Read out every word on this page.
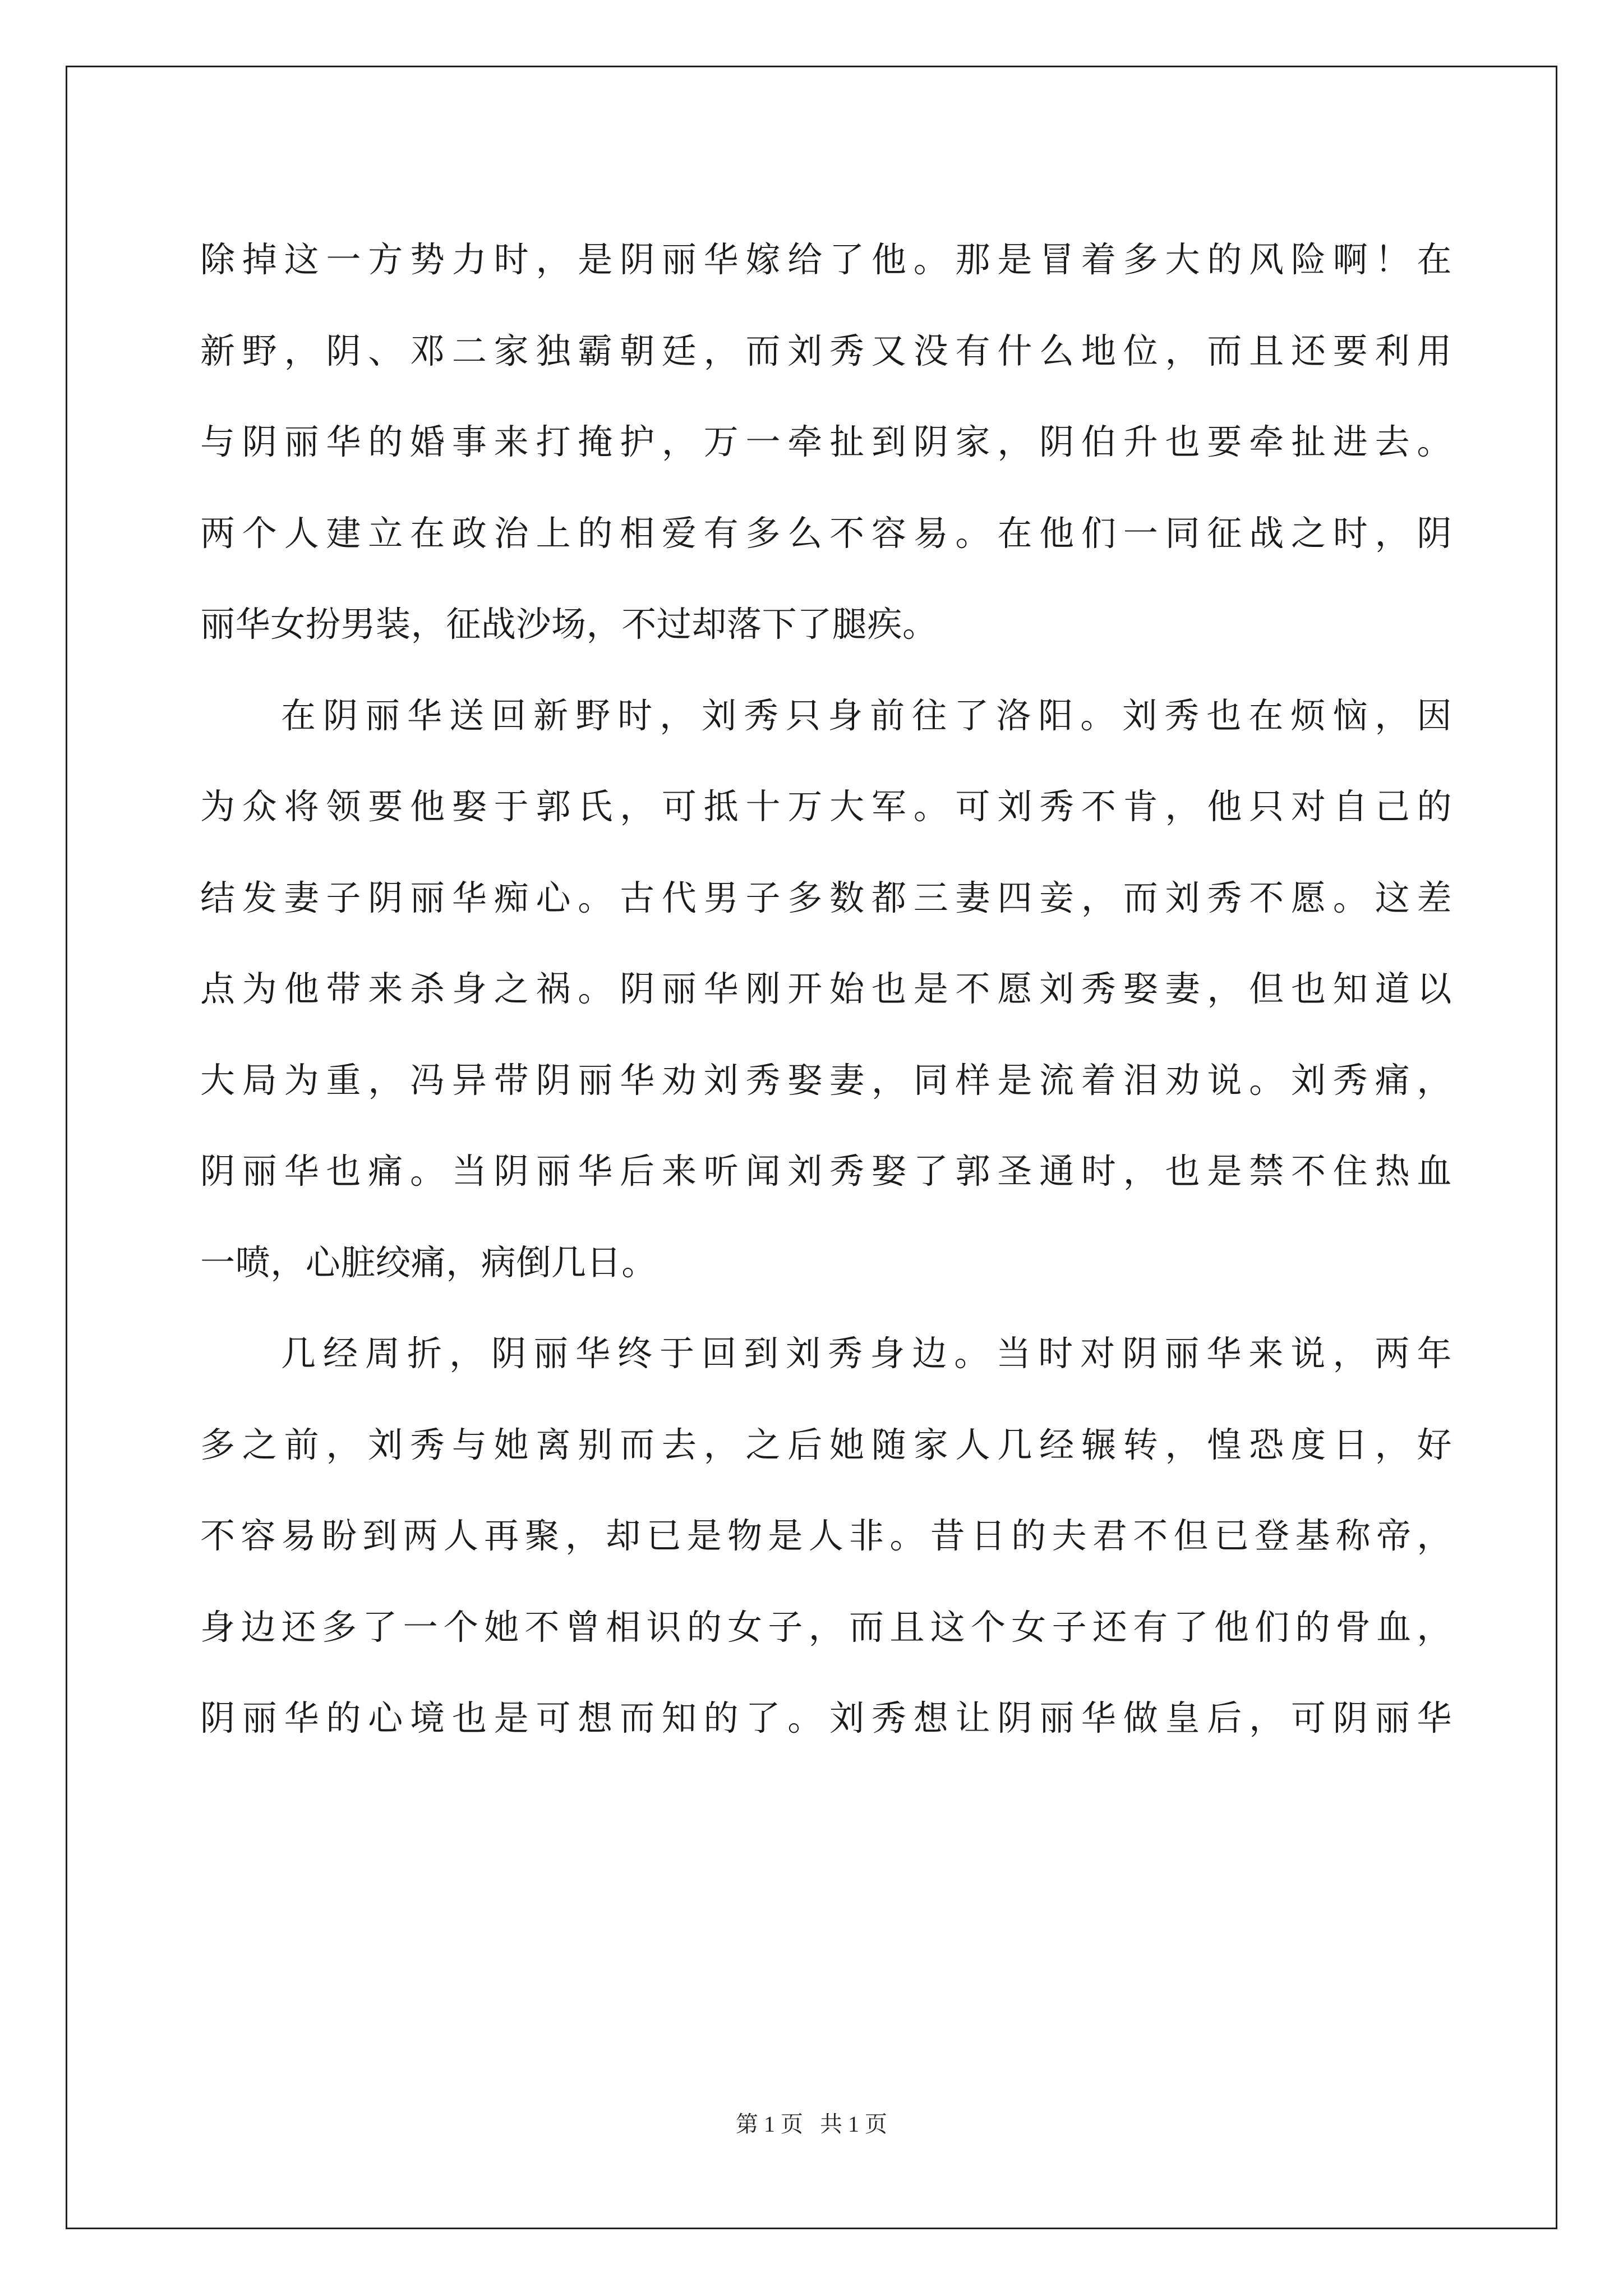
除掉这一方势力时，是阴丽华嫁给了他。那是冒着多大的风险啊！在
新野，阴、邓二家独霸朝廷，而刘秀又没有什么地位，而且还要利用
与阴丽华的婚事来打掩护，万一牵扯到阴家，阴伯升也要牵扯进去。
两个人建立在政治上的相爱有多么不容易。在他们一同征战之时，阴
丽华女扮男装，征战沙场，不过却落下了腿疾。
在阴丽华送回新野时，刘秀只身前往了洛阳。刘秀也在烦恼，因
为众将领要他娶于郭氏，可抵十万大军。可刘秀不肯，他只对自己的
结发妻子阴丽华痴心。古代男子多数都三妻四妾，而刘秀不愿。这差
点为他带来杀身之祸。阴丽华刚开始也是不愿刘秀娶妻，但也知道以
大局为重，冯异带阴丽华劝刘秀娶妻，同样是流着泪劝说。刘秀痛，
阴丽华也痛。当阴丽华后来听闻刘秀娶了郭圣通时，也是禁不住热血
一喷，心脏绞痛，病倒几日。
几经周折，阴丽华终于回到刘秀身边。当时对阴丽华来说，两年
多之前，刘秀与她离别而去，之后她随家人几经辗转，惶恐度日，好
不容易盼到两人再聚，却已是物是人非。昔日的夫君不但已登基称帝，
身边还多了一个她不曾相识的女子，而且这个女子还有了他们的骨血，
阴丽华的心境也是可想而知的了。刘秀想让阴丽华做皇后，可阴丽华
第 1 页   共 1 页
